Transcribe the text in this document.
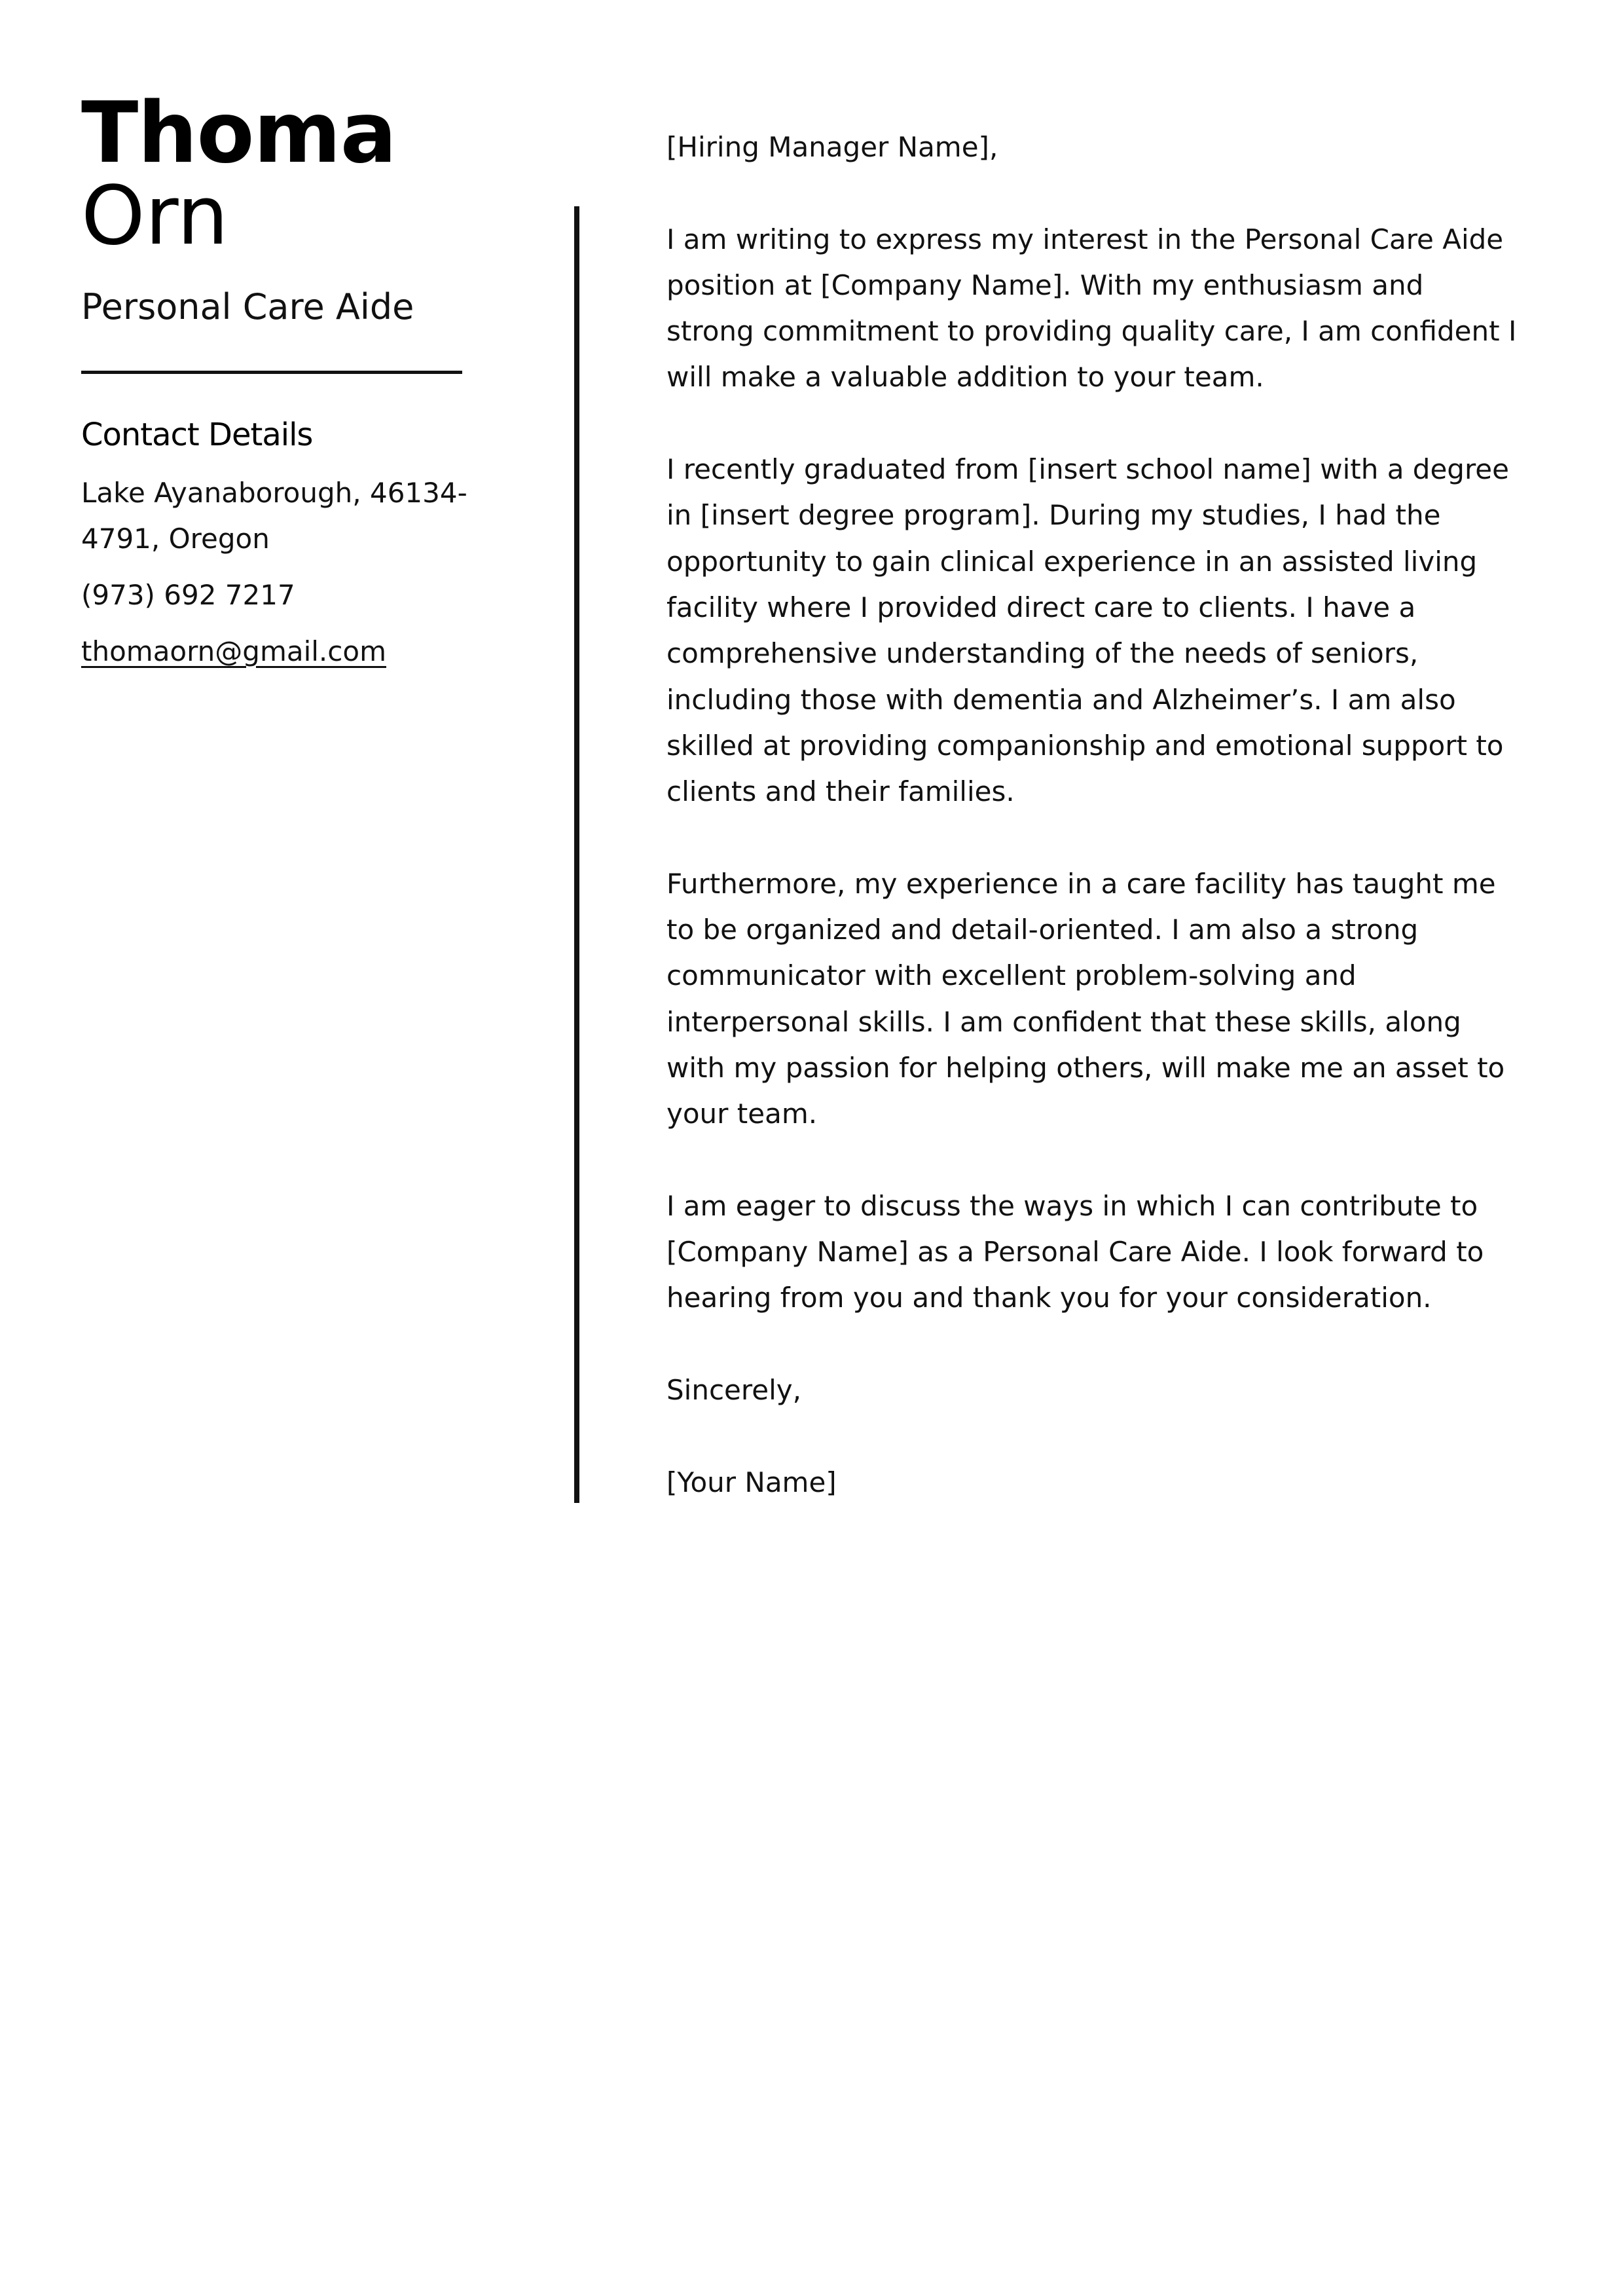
Thoma
Orn
Personal Care Aide
Contact Details
Lake Ayanaborough, 46134-4791, Oregon
(973) 692 7217
thomaorn@gmail.com

[Hiring Manager Name],

I am writing to express my interest in the Personal Care Aide position at [Company Name]. With my enthusiasm and strong commitment to providing quality care, I am confident I will make a valuable addition to your team.

I recently graduated from [insert school name] with a degree in [insert degree program]. During my studies, I had the opportunity to gain clinical experience in an assisted living facility where I provided direct care to clients. I have a comprehensive understanding of the needs of seniors, including those with dementia and Alzheimer’s. I am also skilled at providing companionship and emotional support to clients and their families.

Furthermore, my experience in a care facility has taught me to be organized and detail-oriented. I am also a strong communicator with excellent problem-solving and interpersonal skills. I am confident that these skills, along with my passion for helping others, will make me an asset to your team.

I am eager to discuss the ways in which I can contribute to [Company Name] as a Personal Care Aide. I look forward to hearing from you and thank you for your consideration.

Sincerely,

[Your Name]
